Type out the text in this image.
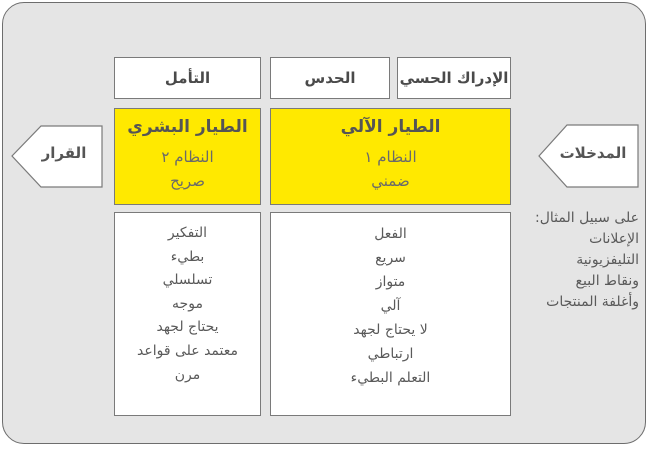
الإدراك الحسي
الحدس
التأمل
الطيار الآلي
النظام ١
ضمني
الطيار البشري
النظام ٢
صريح
الفعل
سريع
متواز
آلي
لا يحتاج لجهد
ارتباطي
التعلم البطيء
التفكير
بطيء
تسلسلي
موجه
يحتاج لجهد
معتمد على قواعد
مرن
المدخلات
القرار
على سبيل المثال:
الإعلانات
التليفزيونية
ونقاط البيع
وأغلفة المنتجات
